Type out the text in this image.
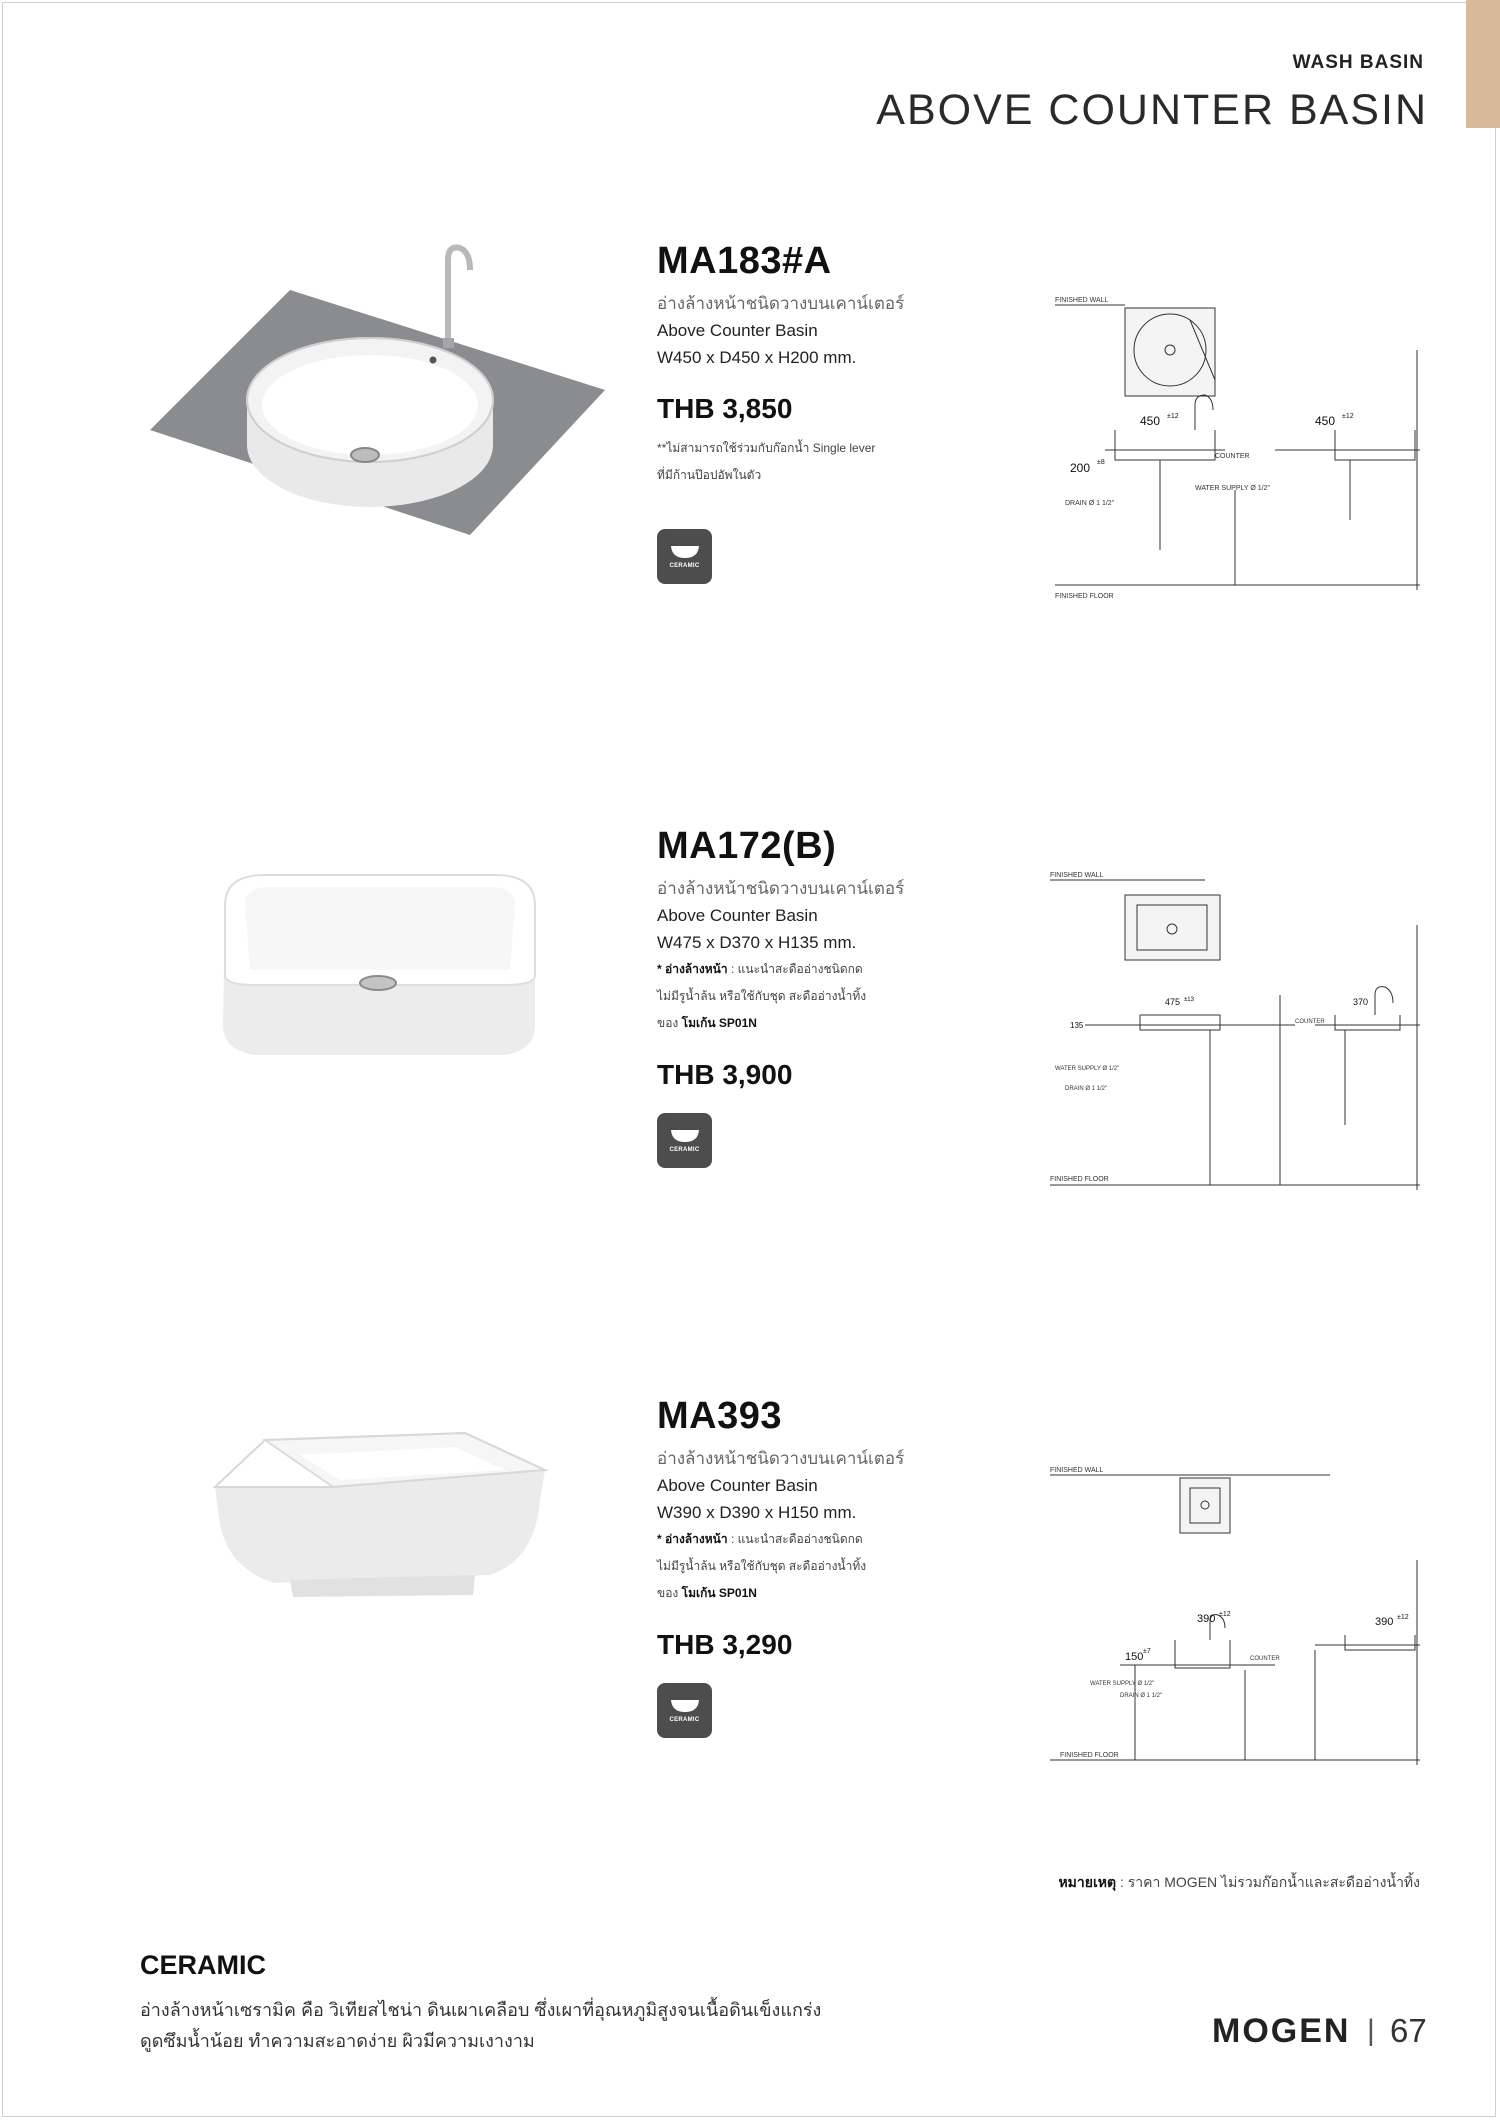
WASH BASIN
ABOVE COUNTER BASIN
MA183#A
อ่างล้างหน้าชนิดวางบนเคาน์เตอร์
Above Counter Basin
W450 x D450 x H200 mm.
THB 3,850
**ไม่สามารถใช้ร่วมกับก๊อกน้ำ Single lever
ที่มีก้านป๊อปอัพในตัว
CERAMIC
FINISHED WALL
FINISHED FLOOR
450 ±12	450 ±12
200 ±8
COUNTER
WATER SUPPLY Ø 1/2"
DRAIN Ø 1 1/2"
MA172(B)
อ่างล้างหน้าชนิดวางบนเคาน์เตอร์
Above Counter Basin
W475 x D370 x H135 mm.
* อ่างล้างหน้า : แนะนำสะดืออ่างชนิดกด
ไม่มีรูน้ำล้น หรือใช้กับชุด สะดืออ่างน้ำทิ้ง
ของ โมเก้น SP01N
THB 3,900
CERAMIC
FINISHED WALL
FINISHED FLOOR
475 ±13	370
135	COUNTER
WATER SUPPLY Ø 1/2"
DRAIN Ø 1 1/2"
MA393
อ่างล้างหน้าชนิดวางบนเคาน์เตอร์
Above Counter Basin
W390 x D390 x H150 mm.
* อ่างล้างหน้า : แนะนำสะดืออ่างชนิดกด
ไม่มีรูน้ำล้น หรือใช้กับชุด สะดืออ่างน้ำทิ้ง
ของ โมเก้น SP01N
THB 3,290
CERAMIC
FINISHED WALL
FINISHED FLOOR
390 ±12
390 ±12
150 ±7
COUNTER
WATER SUPPLY Ø 1/2"
DRAIN Ø 1 1/2"
หมายเหตุ : ราคา MOGEN ไม่รวมก๊อกน้ำและสะดืออ่างน้ำทิ้ง
CERAMIC
อ่างล้างหน้าเซรามิค คือ วิเทียสไชน่า ดินเผาเคลือบ ซึ่งเผาที่อุณหภูมิสูงจนเนื้อดินเข็งแกร่ง
ดูดซึมน้ำน้อย ทำความสะอาดง่าย ผิวมีความเงางาม	MOGEN | 67
